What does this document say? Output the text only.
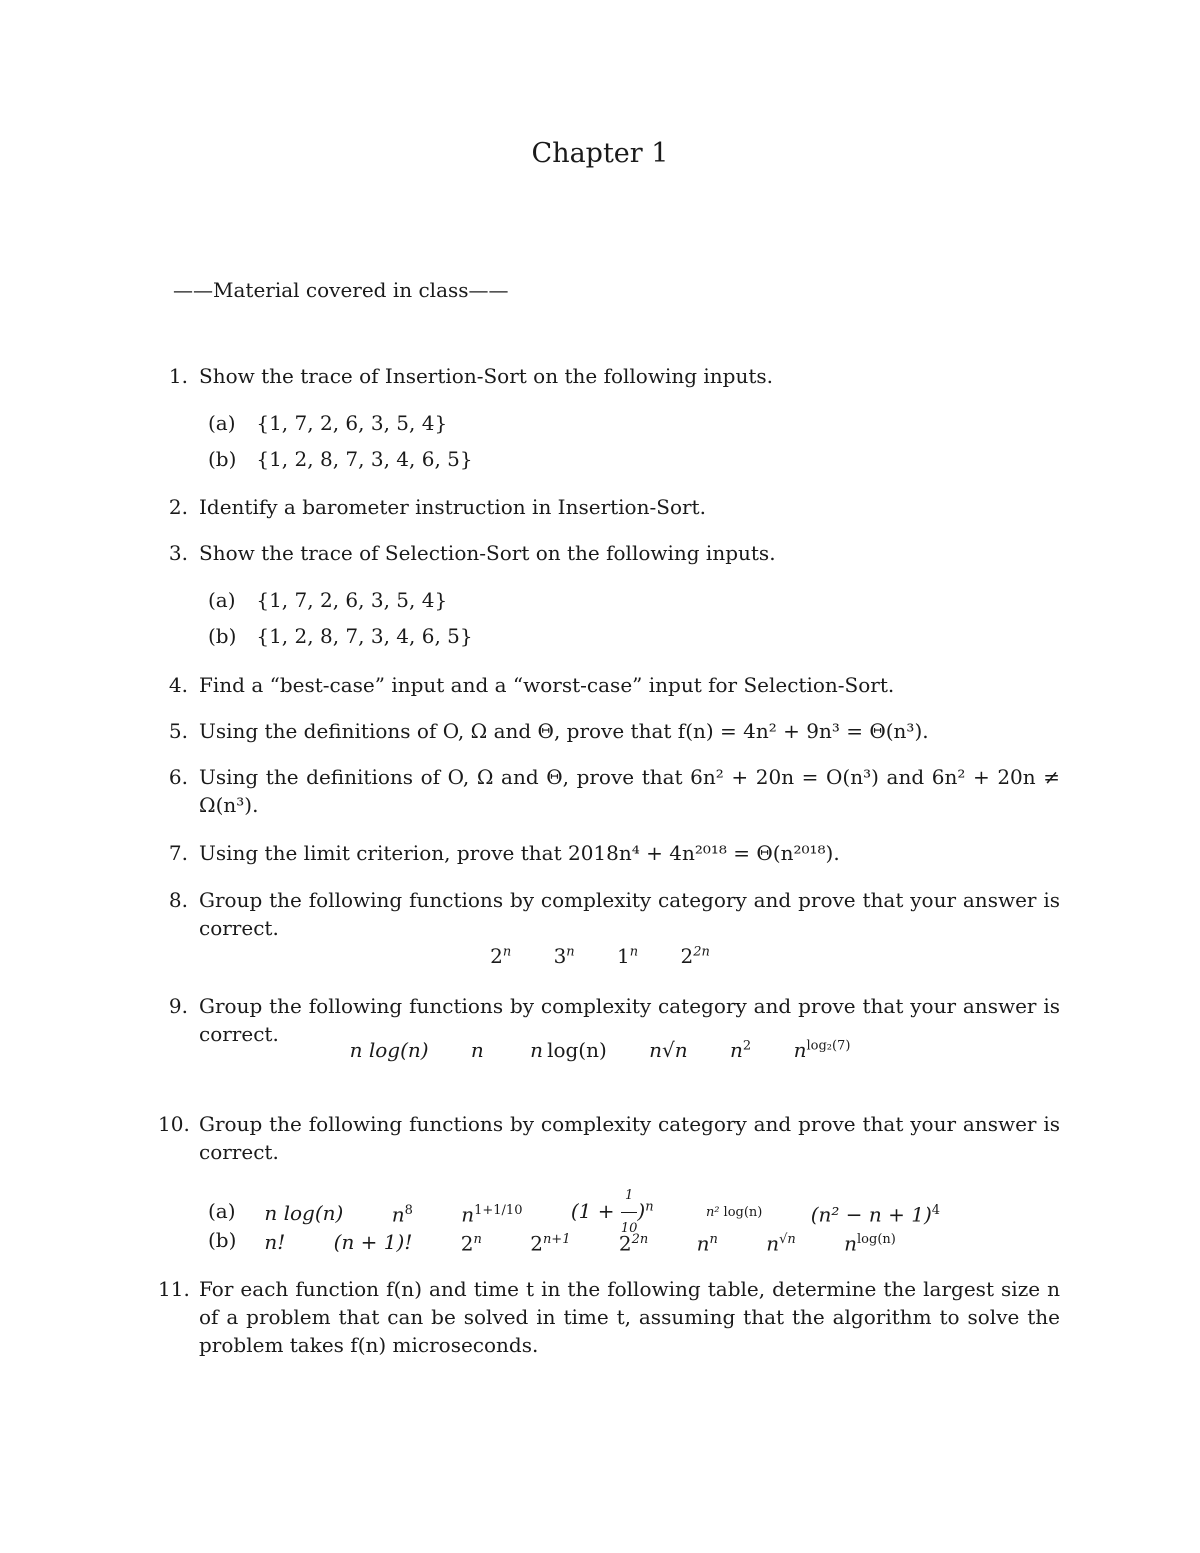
Chapter 1
——Material covered in class——
1. Show the trace of Insertion-Sort on the following inputs.
(a) {1, 7, 2, 6, 3, 5, 4}
(b) {1, 2, 8, 7, 3, 4, 6, 5}
2. Identify a barometer instruction in Insertion-Sort.
3. Show the trace of Selection-Sort on the following inputs.
(a) {1, 7, 2, 6, 3, 5, 4}
(b) {1, 2, 8, 7, 3, 4, 6, 5}
4. Find a “best-case” input and a “worst-case” input for Selection-Sort.
5. Using the definitions of O, Ω and Θ, prove that f(n) = 4n² + 9n³ = Θ(n³).
6. Using the definitions of O, Ω and Θ, prove that 6n² + 20n = O(n³) and 6n² + 20n ≠ Ω(n³).
7. Using the limit criterion, prove that 2018n⁴ + 4n²⁰¹⁸ = Θ(n²⁰¹⁸).
8. Group the following functions by complexity category and prove that your answer is correct.
2$^n$ 3$^n$ 1$^n$ $2^{2n}$
9. Group the following functions by complexity category and prove that your answer is correct.
n log(n) n n log(n) n√n $n^2$ $n^{log_2(7)}$
10. Group the following functions by complexity category and prove that your answer is correct.
(a) n log(n) $n^8$ $n^{1+1/10}$ $(1 + \frac{1}{10} )^n$	n² log(n) $(n^2 - n + 1)^4$
(b) n! (n + 1)! 2$^n$ $2^{n+1}$ $2^{2n}$ $n^n$ $n^{√n}$ $n^{log(n)}$
11. For each function f(n) and time t in the following table, determine the largest size n of a problem that can be solved in time t, assuming that the algorithm to solve the problem takes f(n) microseconds.
